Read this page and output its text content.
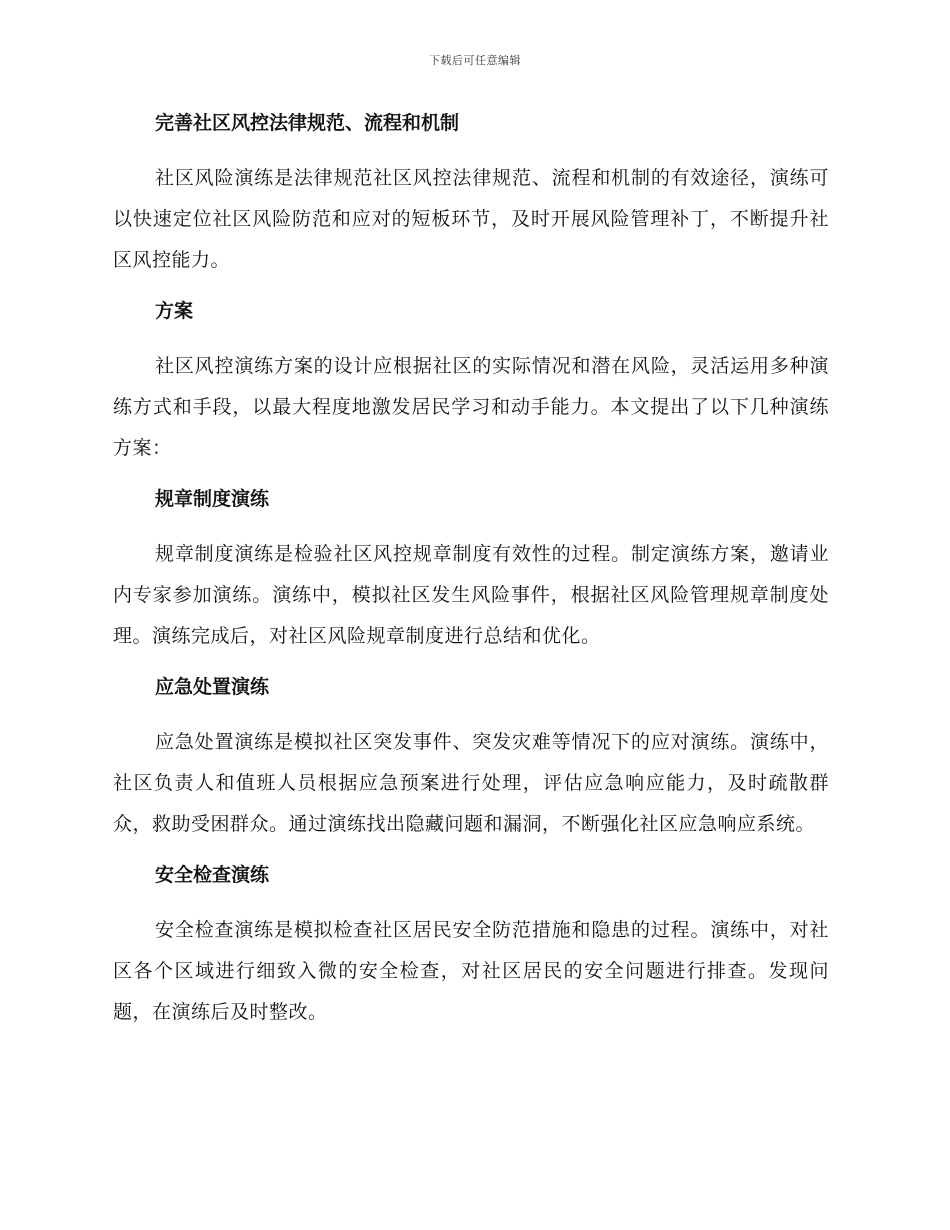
下载后可任意编辑
完善社区风控法律规范、流程和机制

社区风险演练是法律规范社区风控法律规范、流程和机制的有效途径，演练可以快速定位社区风险防范和应对的短板环节，及时开展风险管理补丁，不断提升社区风控能力。

方案

社区风控演练方案的设计应根据社区的实际情况和潜在风险，灵活运用多种演练方式和手段，以最大程度地激发居民学习和动手能力。本文提出了以下几种演练方案：

规章制度演练

规章制度演练是检验社区风控规章制度有效性的过程。制定演练方案，邀请业内专家参加演练。演练中，模拟社区发生风险事件，根据社区风险管理规章制度处理。演练完成后，对社区风险规章制度进行总结和优化。

应急处置演练

应急处置演练是模拟社区突发事件、突发灾难等情况下的应对演练。演练中，社区负责人和值班人员根据应急预案进行处理，评估应急响应能力，及时疏散群众，救助受困群众。通过演练找出隐藏问题和漏洞，不断强化社区应急响应系统。

安全检查演练

安全检查演练是模拟检查社区居民安全防范措施和隐患的过程。演练中，对社区各个区域进行细致入微的安全检查，对社区居民的安全问题进行排查。发现问题，在演练后及时整改。
